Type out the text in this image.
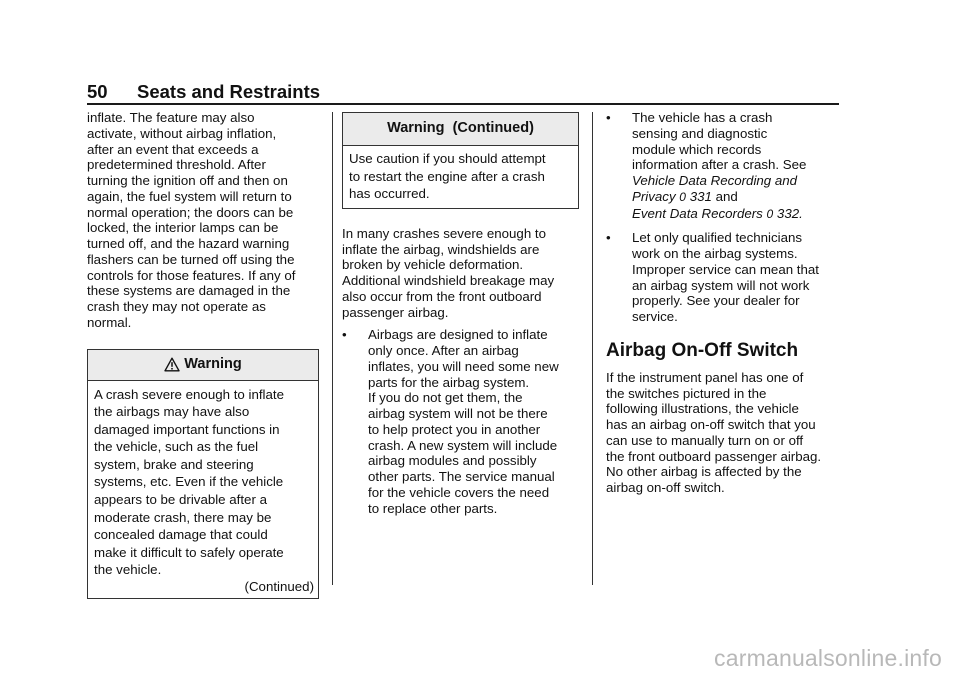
50 Seats and Restraints

inflate. The feature may also
activate, without airbag inflation,
after an event that exceeds a
predetermined threshold. After
turning the ignition off and then on
again, the fuel system will return to
normal operation; the doors can be
locked, the interior lamps can be
turned off, and the hazard warning
flashers can be turned off using the
controls for those features. If any of
these systems are damaged in the
crash they may not operate as
normal.

Warning
A crash severe enough to inflate
the airbags may have also
damaged important functions in
the vehicle, such as the fuel
system, brake and steering
systems, etc. Even if the vehicle
appears to be drivable after a
moderate crash, there may be
concealed damage that could
make it difficult to safely operate
the vehicle.
(Continued)
Warning  (Continued)
Use caution if you should attempt
to restart the engine after a crash
has occurred.

In many crashes severe enough to
inflate the airbag, windshields are
broken by vehicle deformation.
Additional windshield breakage may
also occur from the front outboard
passenger airbag.

• Airbags are designed to inflate
only once. After an airbag
inflates, you will need some new
parts for the airbag system.
If you do not get them, the
airbag system will not be there
to help protect you in another
crash. A new system will include
airbag modules and possibly
other parts. The service manual
for the vehicle covers the need
to replace other parts.
• The vehicle has a crash
sensing and diagnostic
module which records
information after a crash. See
Vehicle Data Recording and
Privacy 0 331 and
Event Data Recorders 0 332.
• Let only qualified technicians
work on the airbag systems.
Improper service can mean that
an airbag system will not work
properly. See your dealer for
service.
Airbag On-Off Switch

If the instrument panel has one of
the switches pictured in the
following illustrations, the vehicle
has an airbag on-off switch that you
can use to manually turn on or off
the front outboard passenger airbag.
No other airbag is affected by the
airbag on-off switch.

carmanualsonline.info
